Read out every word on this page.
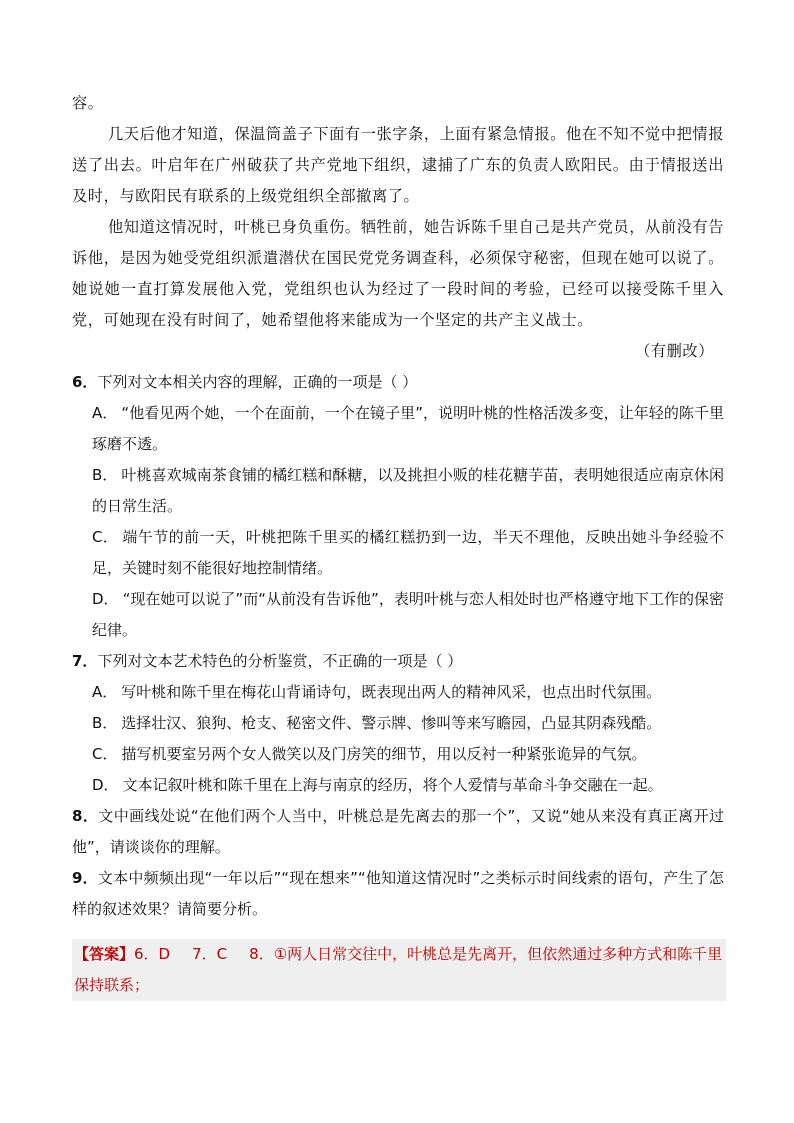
容。

几天后他才知道，保温筒盖子下面有一张字条，上面有紧急情报。他在不知不觉中把情报送了出去。叶启年在广州破获了共产党地下组织，逮捕了广东的负责人欧阳民。由于情报送出及时，与欧阳民有联系的上级党组织全部撤离了。

他知道这情况时，叶桃已身负重伤。牺牲前，她告诉陈千里自己是共产党员，从前没有告诉他，是因为她受党组织派遣潜伏在国民党党务调查科，必须保守秘密，但现在她可以说了。她说她一直打算发展他入党，党组织也认为经过了一段时间的考验，已经可以接受陈千里入党，可她现在没有时间了，她希望他将来能成为一个坚定的共产主义战士。

（有删改）

6．下列对文本相关内容的理解，正确的一项是（ ）
A． “他看见两个她，一个在面前，一个在镜子里”，说明叶桃的性格活泼多变，让年轻的陈千里琢磨不透。
B． 叶桃喜欢城南茶食铺的橘红糕和酥糖，以及挑担小贩的桂花糖芋苗，表明她很适应南京休闲的日常生活。
C． 端午节的前一天，叶桃把陈千里买的橘红糕扔到一边，半天不理他，反映出她斗争经验不足，关键时刻不能很好地控制情绪。
D． “现在她可以说了”而“从前没有告诉他”，表明叶桃与恋人相处时也严格遵守地下工作的保密纪律。
7．下列对文本艺术特色的分析鉴赏，不正确的一项是（ ）
A． 写叶桃和陈千里在梅花山背诵诗句，既表现出两人的精神风采，也点出时代氛围。
B． 选择壮汉、狼狗、枪支、秘密文件、警示牌、惨叫等来写瞻园，凸显其阴森残酷。
C． 描写机要室另两个女人微笑以及门房笑的细节，用以反衬一种紧张诡异的气氛。
D． 文本记叙叶桃和陈千里在上海与南京的经历，将个人爱情与革命斗争交融在一起。
8．文中画线处说“在他们两个人当中，叶桃总是先离去的那一个”，又说“她从来没有真正离开过他”，请谈谈你的理解。
9．文本中频频出现“一年以后”“现在想来”“他知道这情况时”之类标示时间线索的语句，产生了怎样的叙述效果？请简要分析。
【答案】6．D 7．C 8．①两人日常交往中，叶桃总是先离开，但依然通过多种方式和陈千里保持联系；
